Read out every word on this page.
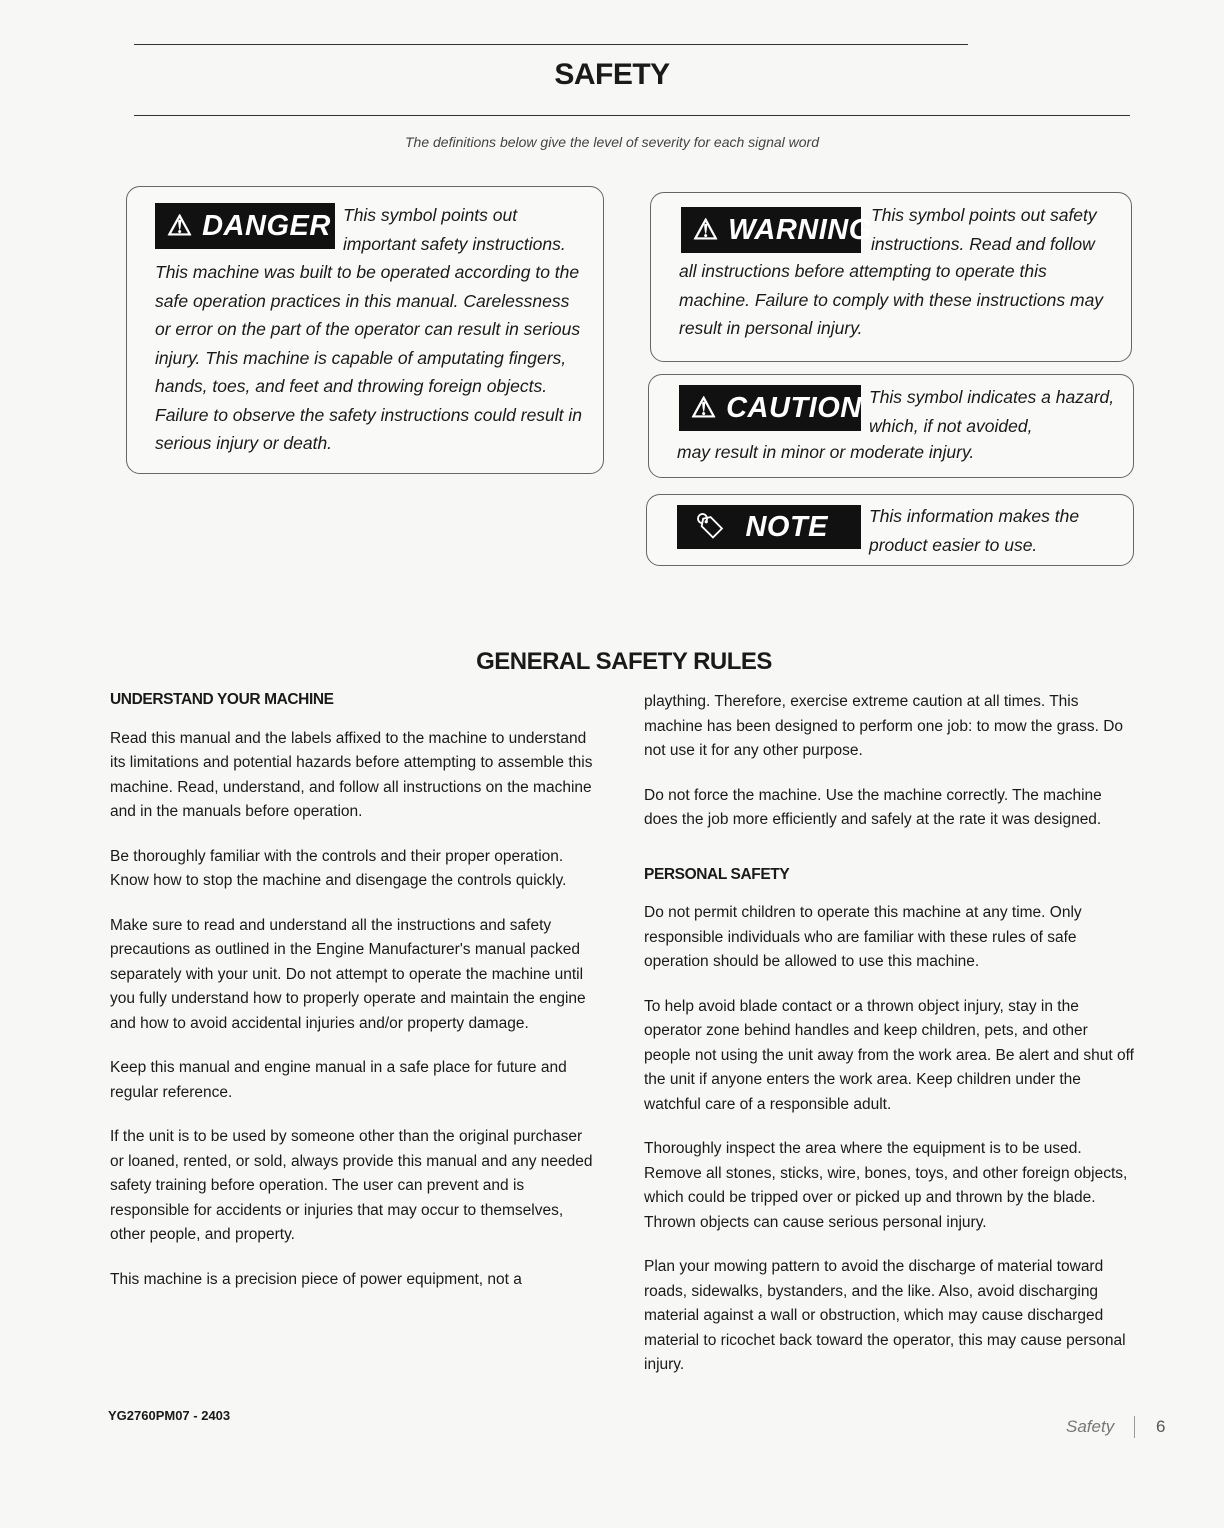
SAFETY
The definitions below give the level of severity for each signal word
⚠ DANGER This symbol points out important safety instructions.

This machine was built to be operated according to the safe operation practices in this manual. Carelessness or error on the part of the operator can result in serious injury. This machine is capable of amputating fingers, hands, toes, and feet and throwing foreign objects. Failure to observe the safety instructions could result in serious injury or death.

⚠ WARNING This symbol points out safety instructions. Read and follow

all instructions before attempting to operate this machine. Failure to comply with these instructions may result in personal injury.

⚠ CAUTION This symbol indicates a hazard, which, if not avoided,

may result in minor or moderate injury.

🏷 NOTE This information makes the product easier to use.

GENERAL SAFETY RULES
UNDERSTAND YOUR MACHINE

Read this manual and the labels affixed to the machine to understand its limitations and potential hazards before attempting to assemble this machine. Read, understand, and follow all instructions on the machine and in the manuals before operation.

Be thoroughly familiar with the controls and their proper operation. Know how to stop the machine and disengage the controls quickly.

Make sure to read and understand all the instructions and safety precautions as outlined in the Engine Manufacturer's manual packed separately with your unit. Do not attempt to operate the machine until you fully understand how to properly operate and maintain the engine and how to avoid accidental injuries and/or property damage.

Keep this manual and engine manual in a safe place for future and regular reference.

If the unit is to be used by someone other than the original purchaser or loaned, rented, or sold, always provide this manual and any needed safety training before operation. The user can prevent and is responsible for accidents or injuries that may occur to themselves, other people, and property.

This machine is a precision piece of power equipment, not a

plaything. Therefore, exercise extreme caution at all times. This machine has been designed to perform one job: to mow the grass. Do not use it for any other purpose.

Do not force the machine. Use the machine correctly. The machine does the job more efficiently and safely at the rate it was designed.

PERSONAL SAFETY

Do not permit children to operate this machine at any time. Only responsible individuals who are familiar with these rules of safe operation should be allowed to use this machine.

To help avoid blade contact or a thrown object injury, stay in the operator zone behind handles and keep children, pets, and other people not using the unit away from the work area. Be alert and shut off the unit if anyone enters the work area. Keep children under the watchful care of a responsible adult.

Thoroughly inspect the area where the equipment is to be used. Remove all stones, sticks, wire, bones, toys, and other foreign objects, which could be tripped over or picked up and thrown by the blade. Thrown objects can cause serious personal injury.

Plan your mowing pattern to avoid the discharge of material toward roads, sidewalks, bystanders, and the like. Also, avoid discharging material against a wall or obstruction, which may cause discharged material to ricochet back toward the operator, this may cause personal injury.

YG2760PM07 - 2403
Safety 6
